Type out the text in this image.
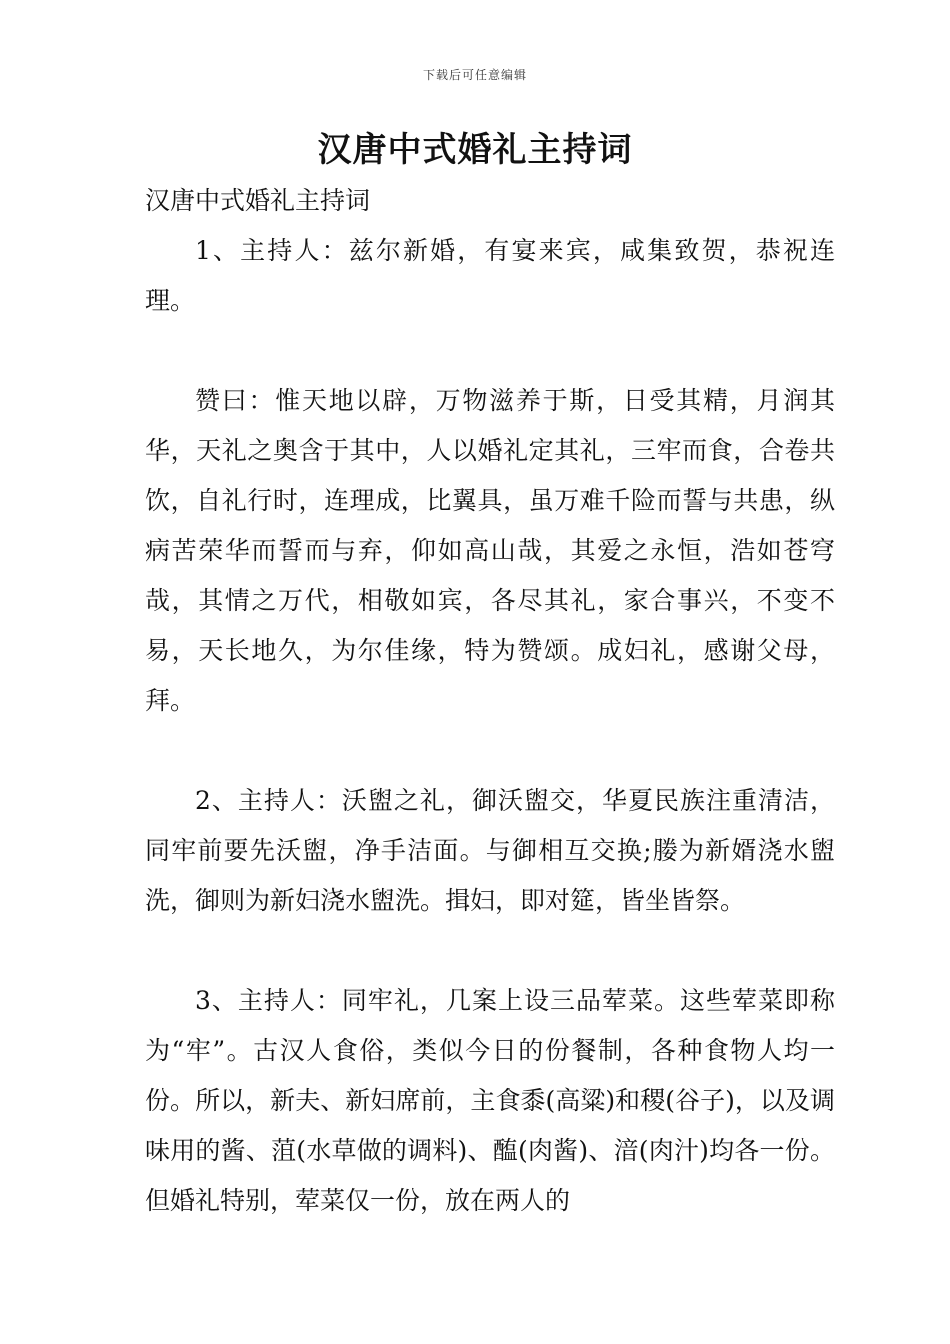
下载后可任意编辑
汉唐中式婚礼主持词

汉唐中式婚礼主持词

1、主持人：兹尔新婚，有宴来宾，咸集致贺，恭祝连理。

赞曰：惟天地以辟，万物滋养于斯，日受其精，月润其华，天礼之奥含于其中，人以婚礼定其礼，三牢而食，合卷共饮，自礼行时，连理成，比翼具，虽万难千险而誓与共患，纵病苦荣华而誓而与弃，仰如高山哉，其爱之永恒，浩如苍穹哉，其情之万代，相敬如宾，各尽其礼，家合事兴，不变不易，天长地久，为尔佳缘，特为赞颂。成妇礼，感谢父母，拜。

2、主持人：沃盥之礼，御沃盥交，华夏民族注重清洁，同牢前要先沃盥，净手洁面。与御相互交换;媵为新婿浇水盥洗，御则为新妇浇水盥洗。揖妇，即对筵，皆坐皆祭。

3、主持人：同牢礼，几案上设三品荤菜。这些荤菜即称为“牢”。古汉人食俗，类似今日的份餐制，各种食物人均一份。所以，新夫、新妇席前，主食黍(高粱)和稷(谷子)，以及调味用的酱、菹(水草做的调料)、醢(肉酱)、湆(肉汁)均各一份。但婚礼特别，荤菜仅一份，放在两人的
